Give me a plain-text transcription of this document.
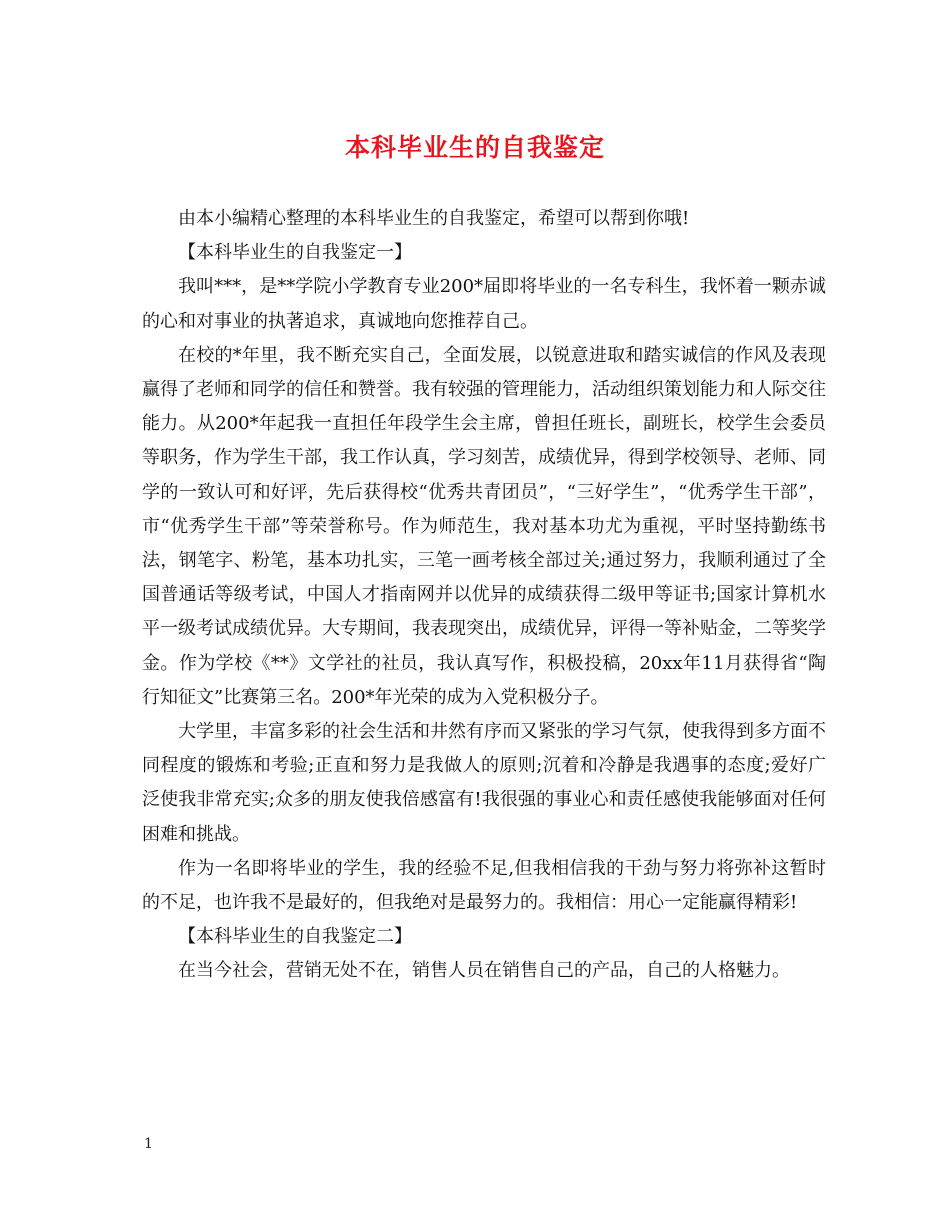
本科毕业生的自我鉴定

由本小编精心整理的本科毕业生的自我鉴定，希望可以帮到你哦!

【本科毕业生的自我鉴定一】

我叫***，是**学院小学教育专业200*届即将毕业的一名专科生，我怀着一颗赤诚的心和对事业的执著追求，真诚地向您推荐自己。

在校的*年里，我不断充实自己，全面发展，以锐意进取和踏实诚信的作风及表现赢得了老师和同学的信任和赞誉。我有较强的管理能力，活动组织策划能力和人际交往能力。从200*年起我一直担任年段学生会主席，曾担任班长，副班长，校学生会委员等职务，作为学生干部，我工作认真，学习刻苦，成绩优异，得到学校领导、老师、同学的一致认可和好评，先后获得校“优秀共青团员”，“三好学生”，“优秀学生干部”，市“优秀学生干部”等荣誉称号。作为师范生，我对基本功尤为重视，平时坚持勤练书法，钢笔字、粉笔，基本功扎实，三笔一画考核全部过关;通过努力，我顺利通过了全国普通话等级考试，中国人才指南网并以优异的成绩获得二级甲等证书;国家计算机水平一级考试成绩优异。大专期间，我表现突出，成绩优异，评得一等补贴金，二等奖学金。作为学校《**》文学社的社员，我认真写作，积极投稿，20xx年11月获得省“陶行知征文”比赛第三名。200*年光荣的成为入党积极分子。

大学里，丰富多彩的社会生活和井然有序而又紧张的学习气氛，使我得到多方面不同程度的锻炼和考验;正直和努力是我做人的原则;沉着和冷静是我遇事的态度;爱好广泛使我非常充实;众多的朋友使我倍感富有!我很强的事业心和责任感使我能够面对任何困难和挑战。

作为一名即将毕业的学生，我的经验不足,但我相信我的干劲与努力将弥补这暂时的不足，也许我不是最好的，但我绝对是最努力的。我相信：用心一定能赢得精彩!

【本科毕业生的自我鉴定二】

在当今社会，营销无处不在，销售人员在销售自己的产品，自己的人格魅力。

1
